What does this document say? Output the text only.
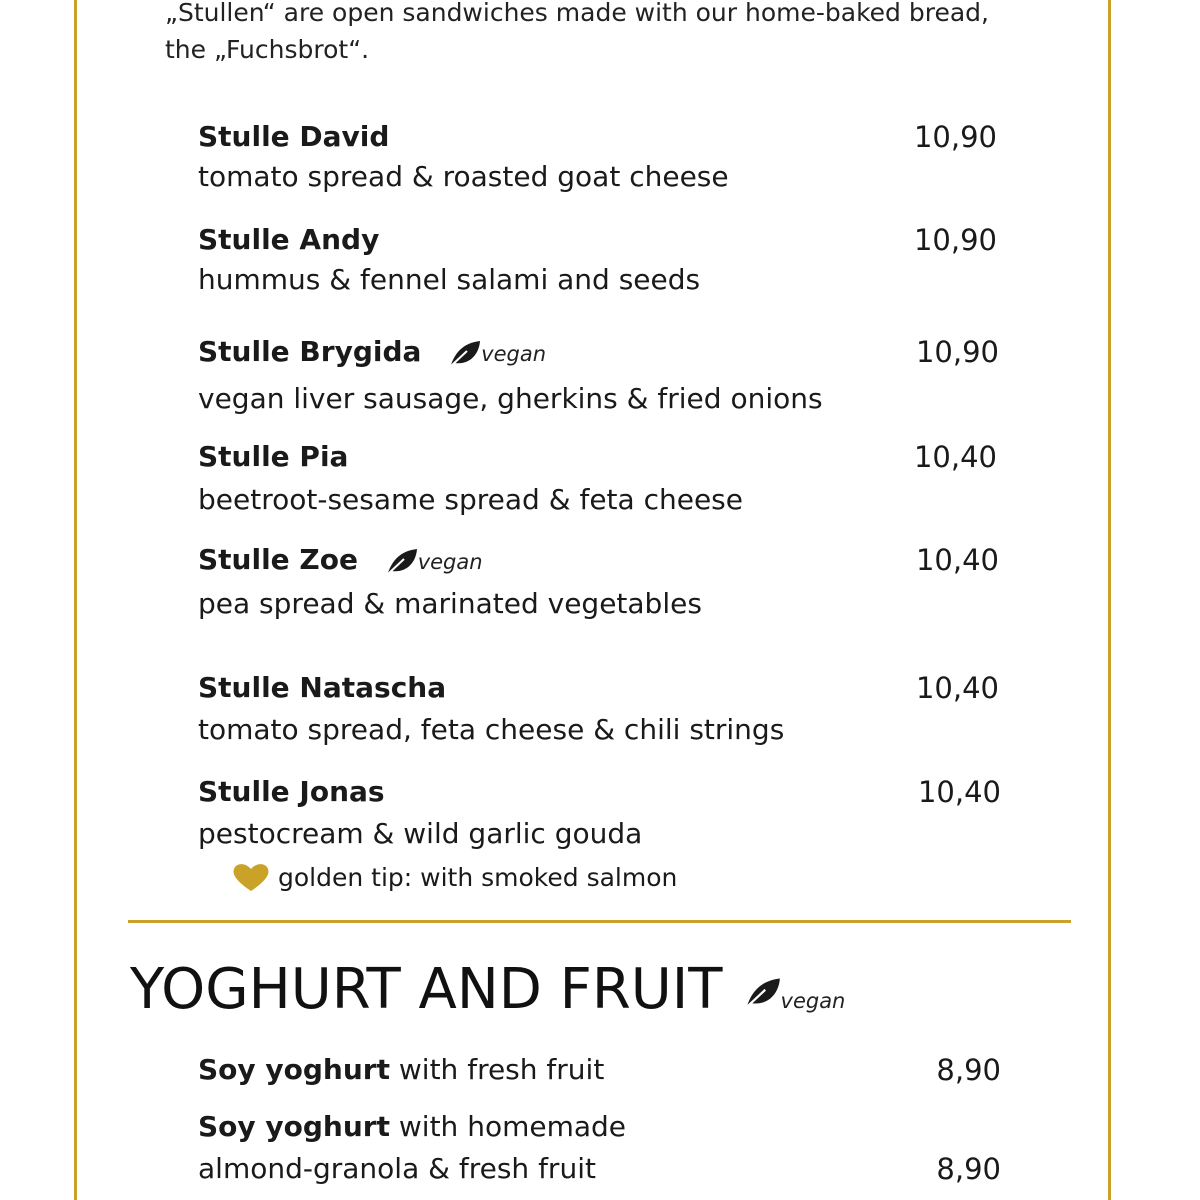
„Stullen“ are open sandwiches made with our home-baked bread,
the „Fuchsbrot“.
Stulle David	10,90
tomato spread & roasted goat cheese
Stulle Andy	10,90
hummus & fennel salami and seeds
Stulle Brygida	vegan	10,90
vegan liver sausage, gherkins & fried onions
Stulle Pia	10,40
beetroot-sesame spread & feta cheese
Stulle Zoe	vegan	10,40
pea spread & marinated vegetables
Stulle Natascha	10,40
tomato spread, feta cheese & chili strings
Stulle Jonas	10,40
pestocream & wild garlic gouda
golden tip: with smoked salmon
YOGHURT AND FRUIT	vegan
Soy yoghurt with fresh fruit	8,90
Soy yoghurt with homemade
almond-granola & fresh fruit	8,90
